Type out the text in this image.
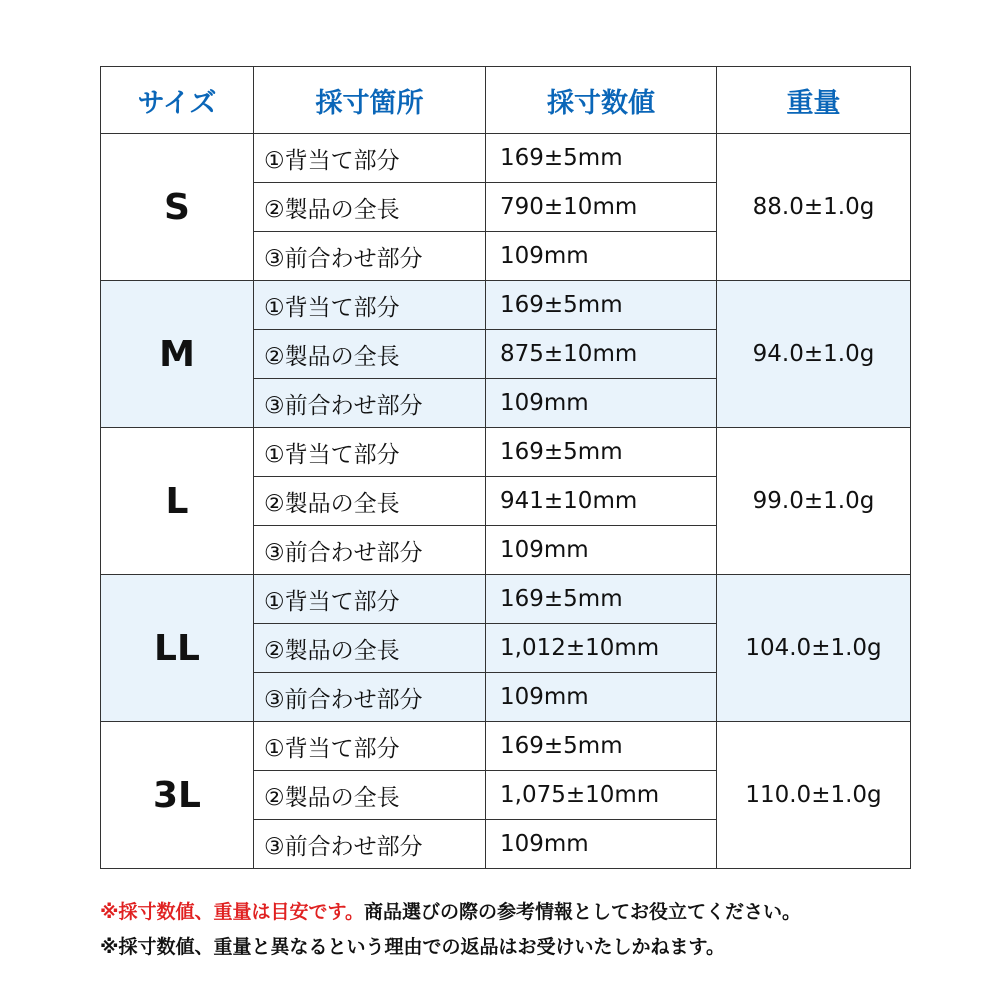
サイズ	採寸箇所	採寸数値	重量
S	①背当て部分	169±5mm	88.0±1.0g
	②製品の全長	790±10mm	
	③前合わせ部分	109mm	
M	①背当て部分	169±5mm	94.0±1.0g
	②製品の全長	875±10mm	
	③前合わせ部分	109mm	
L	①背当て部分	169±5mm	99.0±1.0g
	②製品の全長	941±10mm	
	③前合わせ部分	109mm	
LL	①背当て部分	169±5mm	104.0±1.0g
	②製品の全長	1,012±10mm	
	③前合わせ部分	109mm	
3L	①背当て部分	169±5mm	110.0±1.0g
	②製品の全長	1,075±10mm	
	③前合わせ部分	109mm	
※採寸数値、重量は目安です。商品選びの際の参考情報としてお役立てください。
※採寸数値、重量と異なるという理由での返品はお受けいたしかねます。
